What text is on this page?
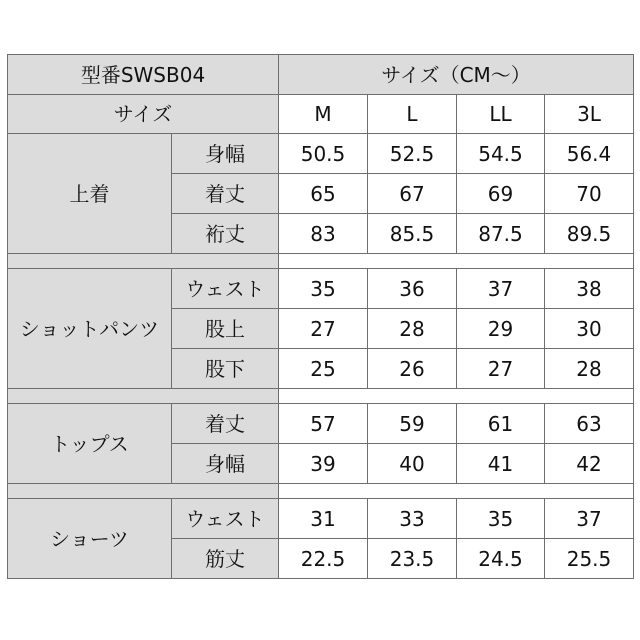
型番SWSB04		サイズ（CM～）			
サイズ		M	L	LL	3L
上着	身幅	50.5	52.5	54.5	56.4
	着丈	65	67	69	70
	裄丈	83	85.5	87.5	89.5

ショットパンツ	ウェスト	35	36	37	38
	股上	27	28	29	30
	股下	25	26	27	28

トップス	着丈	57	59	61	63
	身幅	39	40	41	42

ショーツ	ウェスト	31	33	35	37
	筋丈	22.5	23.5	24.5	25.5
